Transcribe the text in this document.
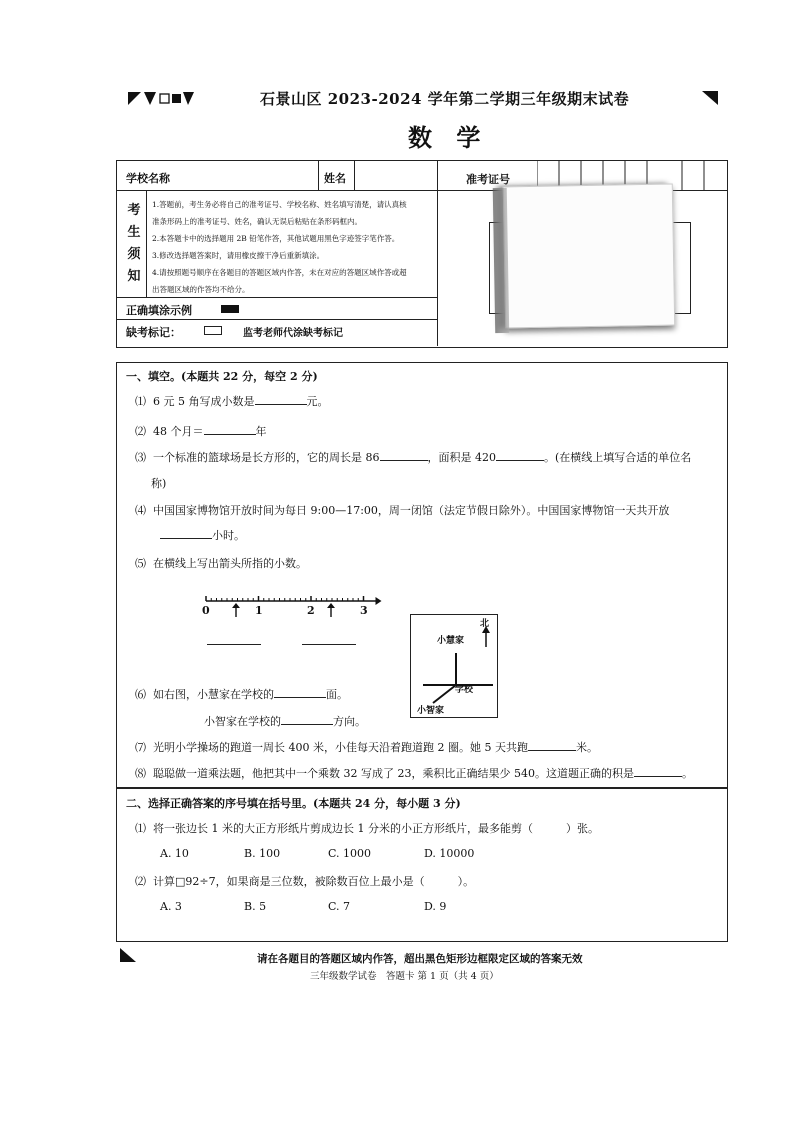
石景山区 2023-2024 学年第二学期三年级期末试卷
数 学
学校名称	姓名	准考证号
考
生
须
知
1.答题前，考生务必将自己的准考证号、学校名称、姓名填写清楚，请认真核
准条形码上的准考证号、姓名，确认无误后粘贴在条形码框内。
2.本答题卡中的选择题用 2B 铅笔作答，其他试题用黑色字迹签字笔作答。
3.修改选择题答案时，请用橡皮擦干净后重新填涂。
4.请按照题号顺序在各题目的答题区域内作答，未在对应的答题区域作答或超
出答题区域的作答均不给分。
正确填涂示例
缺考标记：	监考老师代涂缺考标记
一、填空。(本题共 22 分，每空 2 分)
⑴ 6 元 5 角写成小数是	元。
⑵ 48 个月＝	年
⑶ 一个标准的篮球场是长方形的，它的周长是 86	，面积是 420	。(在横线上填写合适的单位名
称)
⑷ 中国国家博物馆开放时间为每日 9:00—17:00，周一闭馆（法定节假日除外）。中国国家博物馆一天共开放
小时。
⑸ 在横线上写出箭头所指的小数。
0	1	2	3
北
小慧家
学校
小智家
⑹ 如右图，小慧家在学校的	面。
小智家在学校的	方向。
⑺ 光明小学操场的跑道一周长 400 米，小佳每天沿着跑道跑 2 圈。她 5 天共跑	米。
⑻ 聪聪做一道乘法题，他把其中一个乘数 32 写成了 23，乘积比正确结果少 540。这道题正确的积是	。
二、选择正确答案的序号填在括号里。(本题共 24 分，每小题 3 分)
⑴ 将一张边长 1 米的大正方形纸片剪成边长 1 分米的小正方形纸片，最多能剪（　　　）张。
A. 10	B. 100	C. 1000	D. 10000
⑵ 计算□92÷7，如果商是三位数，被除数百位上最小是（　　　）。
A. 3	B. 5	C. 7	D. 9
请在各题目的答题区域内作答，超出黑色矩形边框限定区域的答案无效
三年级数学试卷　答题卡 第 1 页（共 4 页）
